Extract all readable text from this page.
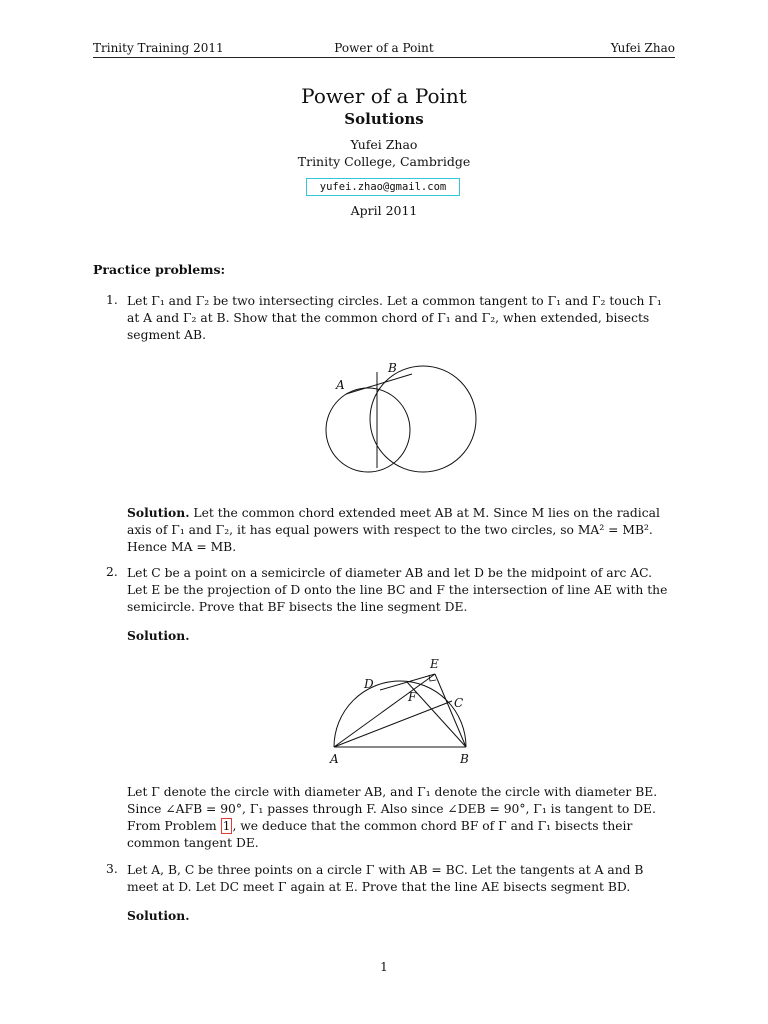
Trinity Training 2011	Power of a Point	Yufei Zhao
Power of a Point
Solutions
Yufei Zhao
Trinity College, Cambridge
yufei.zhao@gmail.com
April 2011
Practice problems:
1. Let Γ₁ and Γ₂ be two intersecting circles. Let a common tangent to Γ₁ and Γ₂ touch Γ₁ at A and Γ₂ at B. Show that the common chord of Γ₁ and Γ₂, when extended, bisects segment AB.
A
B
Solution. Let the common chord extended meet AB at M. Since M lies on the radical axis of Γ₁ and Γ₂, it has equal powers with respect to the two circles, so MA² = MB². Hence MA = MB.
2. Let C be a point on a semicircle of diameter AB and let D be the midpoint of arc AC. Let E be the projection of D onto the line BC and F the intersection of line AE with the semicircle. Prove that BF bisects the line segment DE.
Solution.
E
D
F	C
A	B
Let Γ denote the circle with diameter AB, and Γ₁ denote the circle with diameter BE. Since ∠AFB = 90°, Γ₁ passes through F. Also since ∠DEB = 90°, Γ₁ is tangent to DE. From Problem 1 , we deduce that the common chord BF of Γ and Γ₁ bisects their common tangent DE.
3. Let A, B, C be three points on a circle Γ with AB = BC. Let the tangents at A and B meet at D. Let DC meet Γ again at E. Prove that the line AE bisects segment BD.
Solution.
1
